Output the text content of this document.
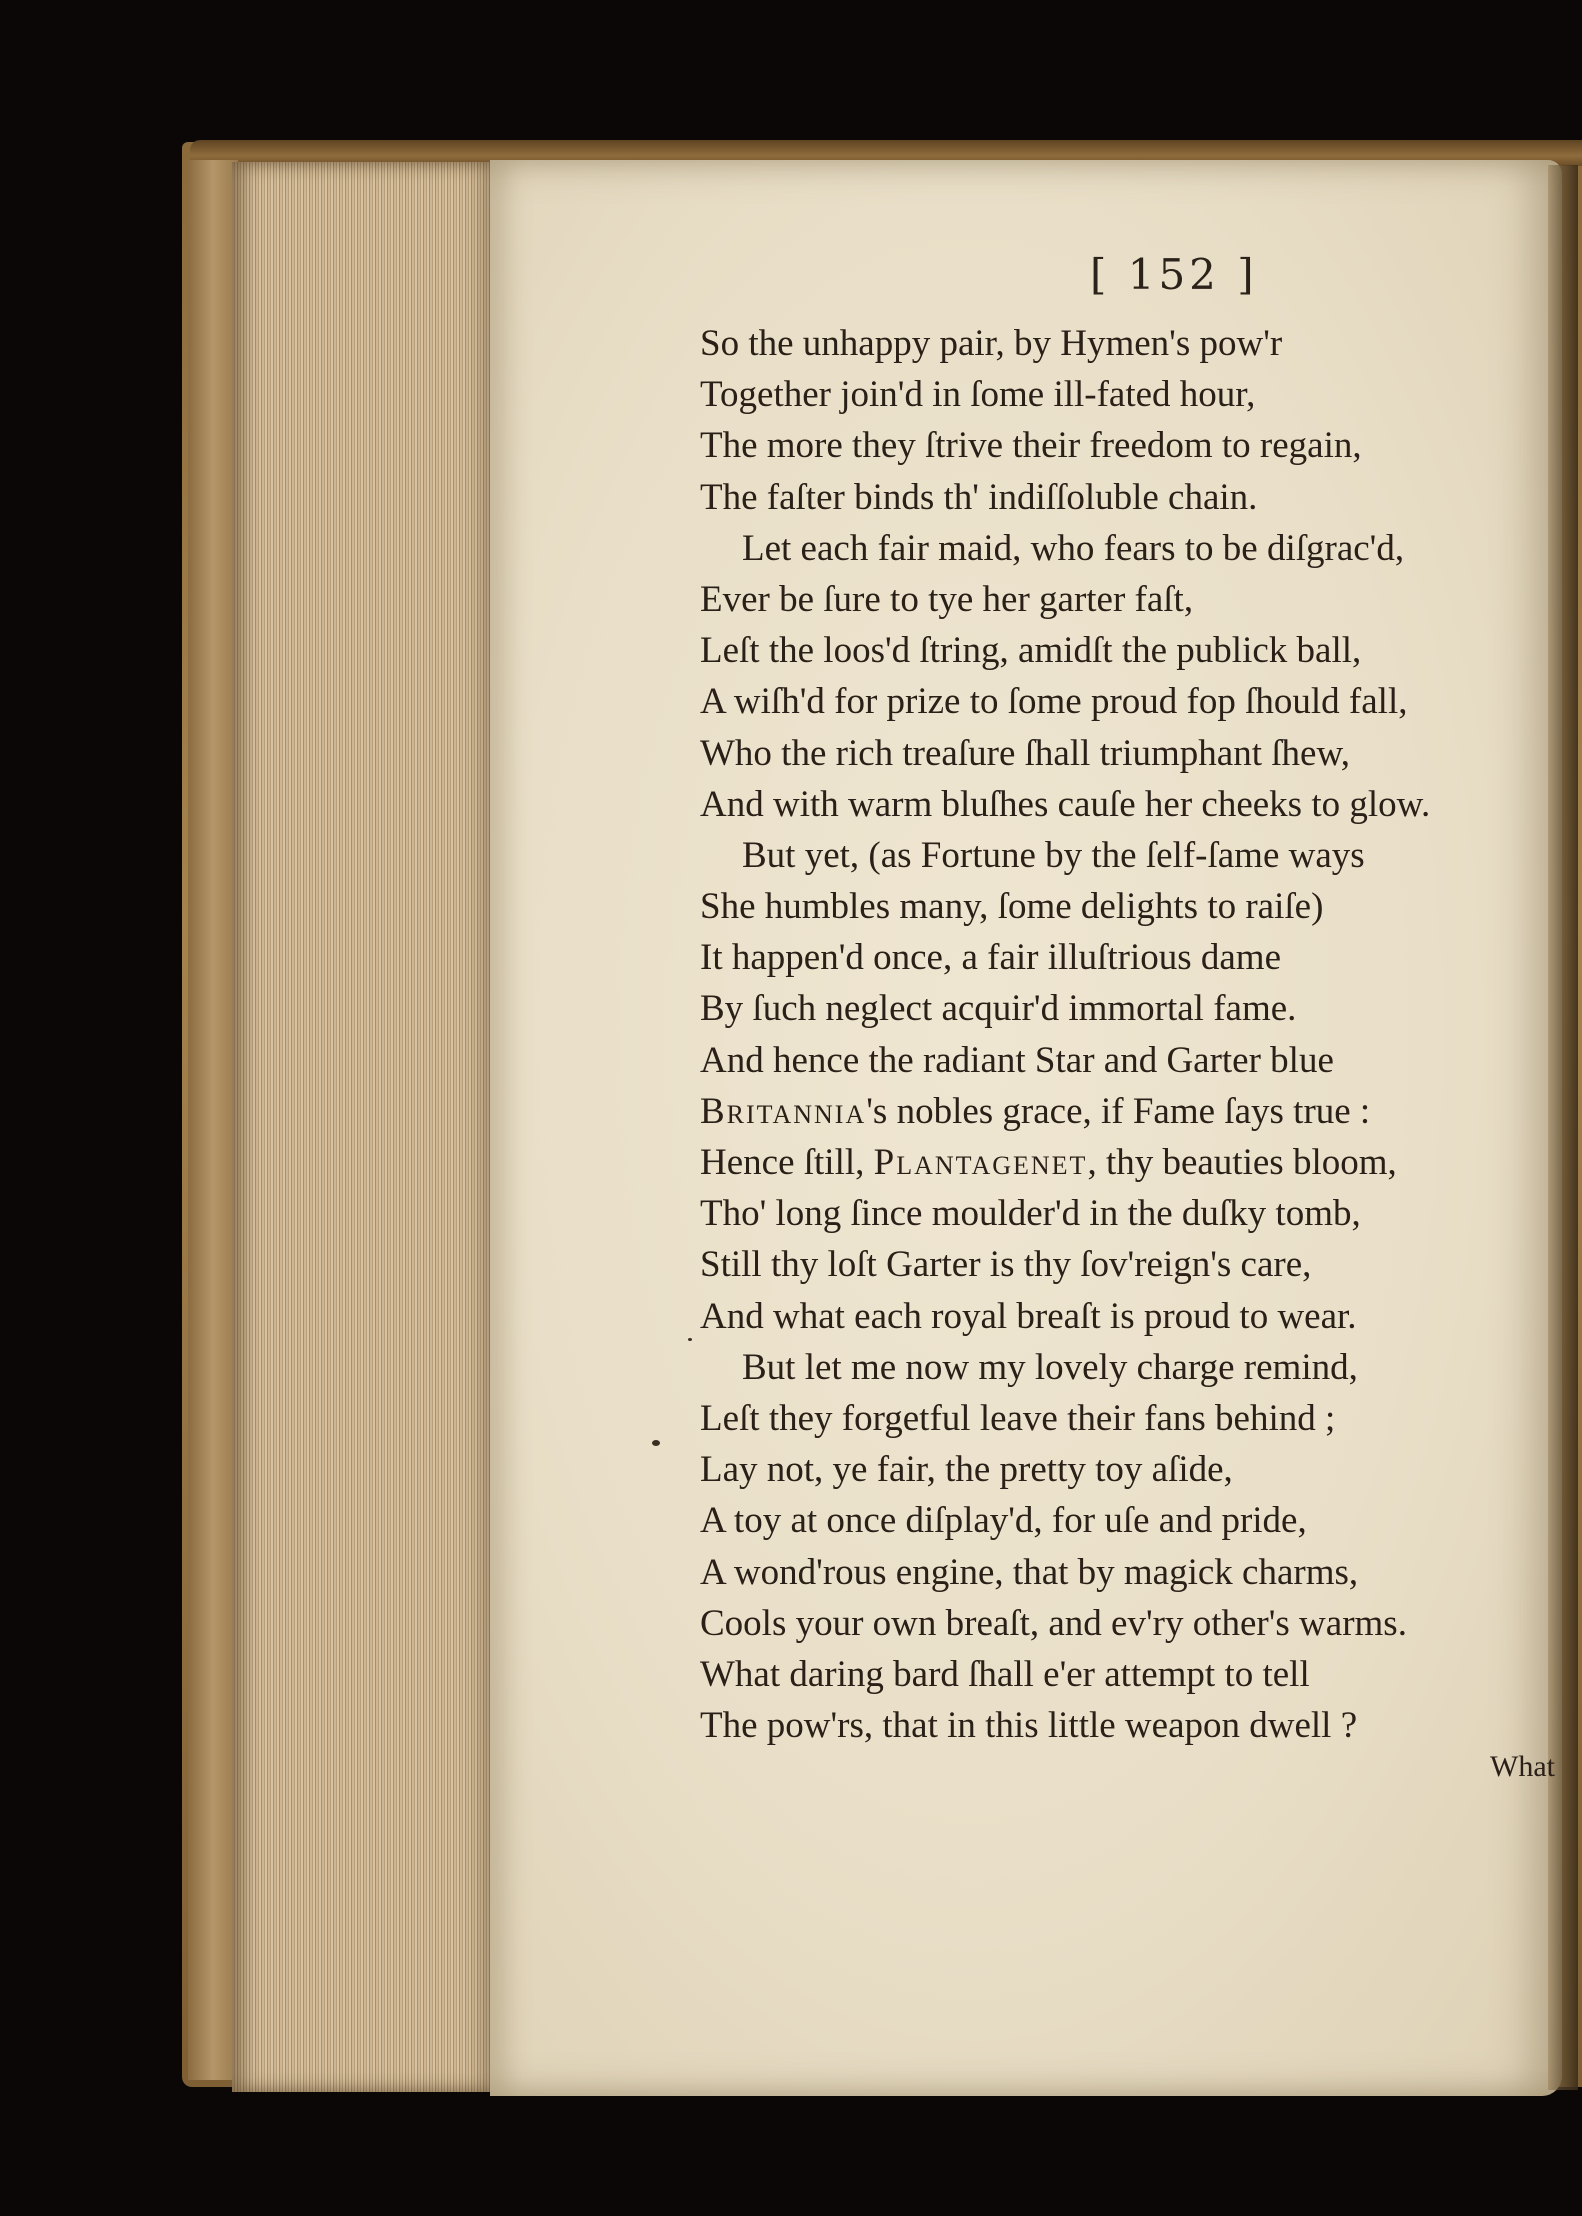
[ 152 ]
So the unhappy pair, by Hymen's pow'r
Together join'd in ſome ill-fated hour,
The more they ſtrive their freedom to regain,
The faſter binds th' indiſſoluble chain.
Let each fair maid, who fears to be diſgrac'd,
Ever be ſure to tye her garter faſt,
Leſt the loos'd ſtring, amidſt the publick ball,
A wiſh'd for prize to ſome proud fop ſhould fall,
Who the rich treaſure ſhall triumphant ſhew,
And with warm bluſhes cauſe her cheeks to glow.
But yet, (as Fortune by the ſelf-ſame ways
She humbles many, ſome delights to raiſe)
It happen'd once, a fair illuſtrious dame
By ſuch neglect acquir'd immortal fame.
And hence the radiant Star and Garter blue
Britannia's nobles grace, if Fame ſays true :
Hence ſtill, Plantagenet, thy beauties bloom,
Tho' long ſince moulder'd in the duſky tomb,
Still thy loſt Garter is thy ſov'reign's care,
And what each royal breaſt is proud to wear.
But let me now my lovely charge remind,
Leſt they forgetful leave their fans behind ;
Lay not, ye fair, the pretty toy aſide,
A toy at once diſplay'd, for uſe and pride,
A wond'rous engine, that by magick charms,
Cools your own breaſt, and ev'ry other's warms.
What daring bard ſhall e'er attempt to tell
The pow'rs, that in this little weapon dwell ?
What
